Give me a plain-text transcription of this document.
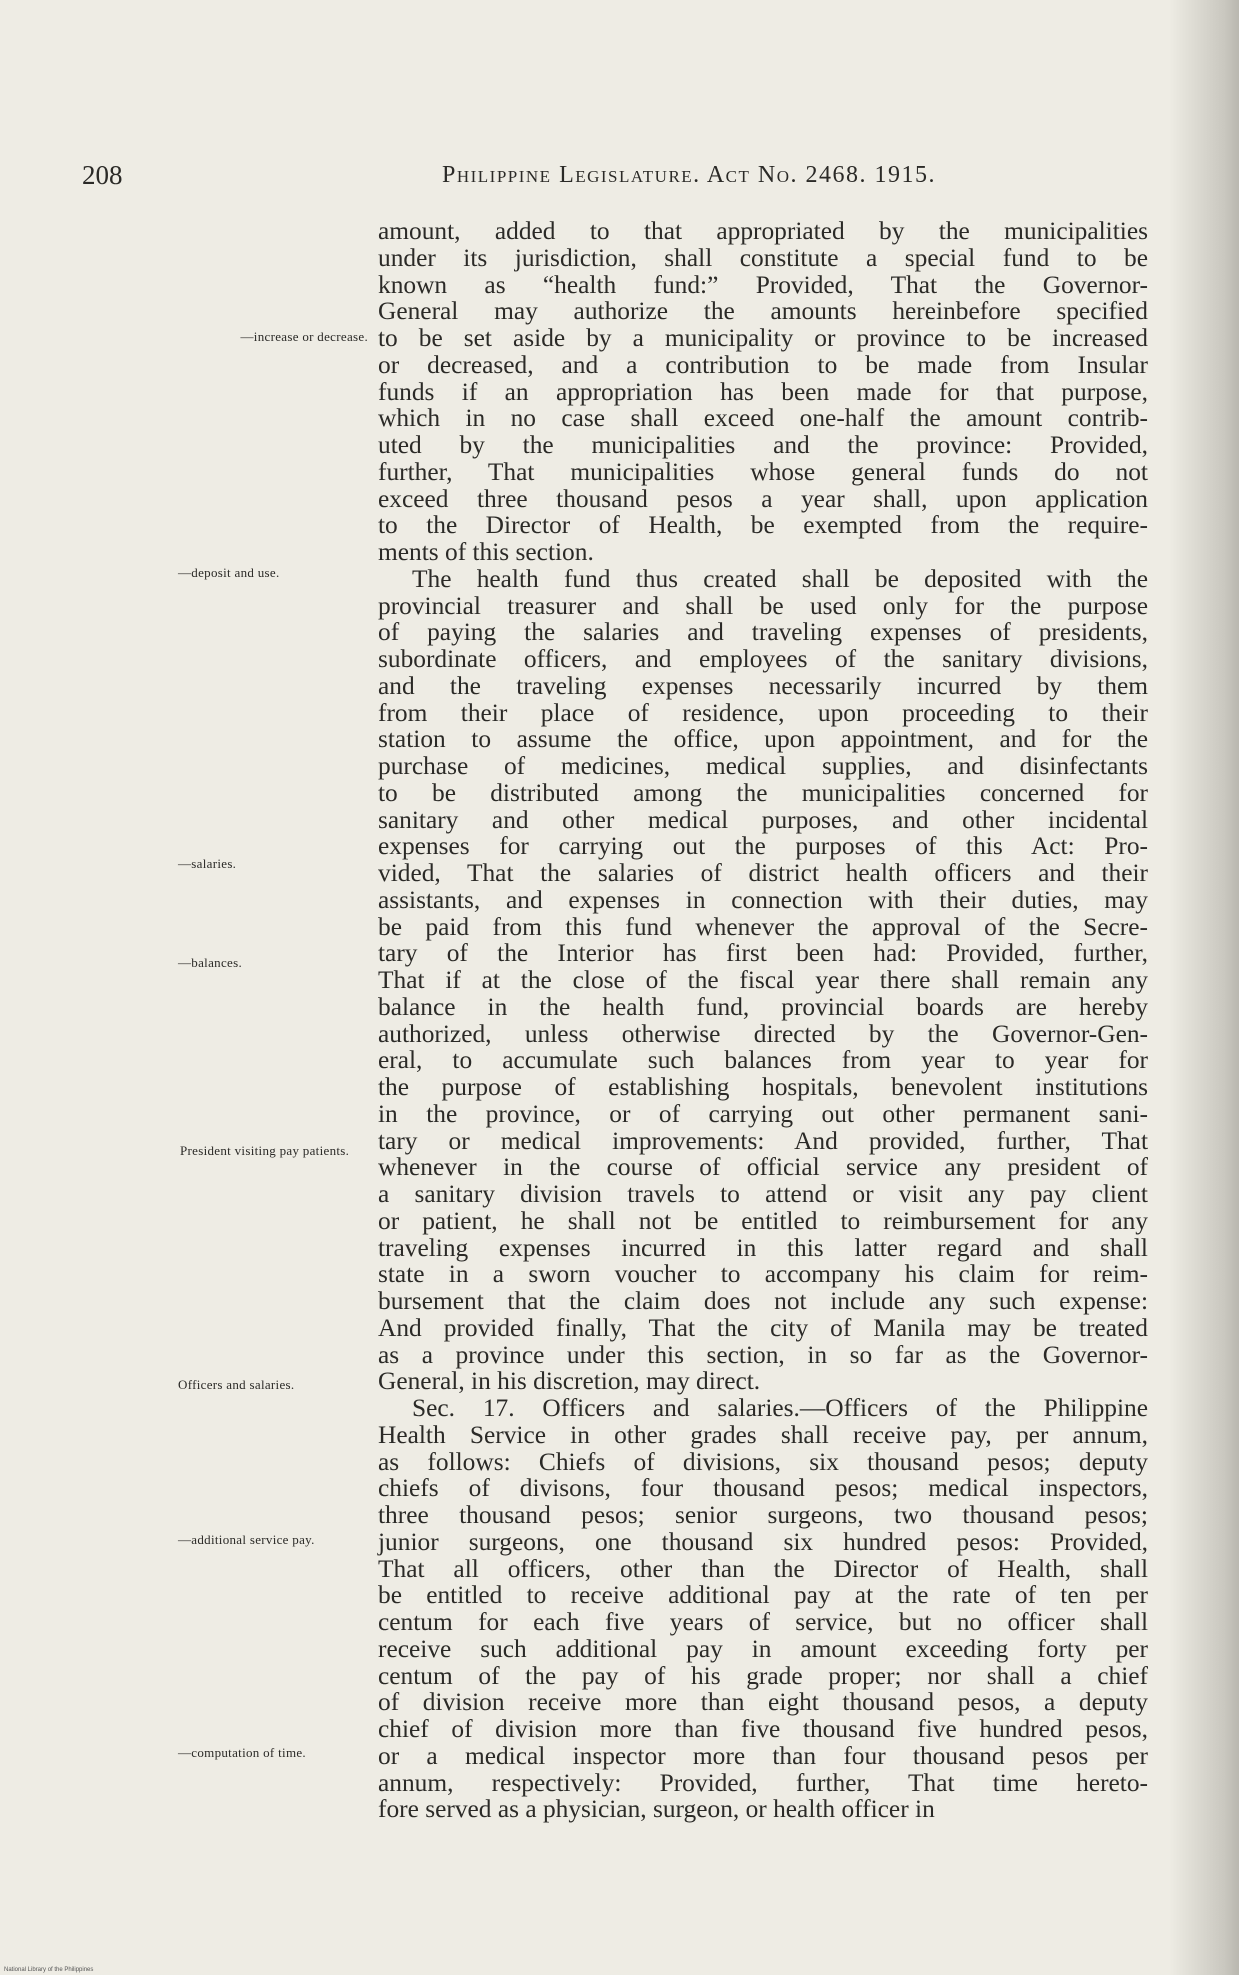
208	Philippine Legislature. Act No. 2468. 1915.
—increase or decrease.
—deposit and use.
—salaries.
—balances.
President visiting pay patients.
Officers and salaries.
—additional service pay.
—computation of time.
amount, added to that appropriated by the municipalities
under its jurisdiction, shall constitute a special fund to be
known as “health fund:” Provided, That the Governor-
General may authorize the amounts hereinbefore specified
to be set aside by a municipality or province to be increased
or decreased, and a contribution to be made from Insular
funds if an appropriation has been made for that purpose,
which in no case shall exceed one-half the amount contrib-
uted by the municipalities and the province: Provided,
further, That municipalities whose general funds do not
exceed three thousand pesos a year shall, upon application
to the Director of Health, be exempted from the require-
ments of this section.
The health fund thus created shall be deposited with the
provincial treasurer and shall be used only for the purpose
of paying the salaries and traveling expenses of presidents,
subordinate officers, and employees of the sanitary divisions,
and the traveling expenses necessarily incurred by them
from their place of residence, upon proceeding to their
station to assume the office, upon appointment, and for the
purchase of medicines, medical supplies, and disinfectants
to be distributed among the municipalities concerned for
sanitary and other medical purposes, and other incidental
expenses for carrying out the purposes of this Act: Pro-
vided, That the salaries of district health officers and their
assistants, and expenses in connection with their duties, may
be paid from this fund whenever the approval of the Secre-
tary of the Interior has first been had: Provided, further,
That if at the close of the fiscal year there shall remain any
balance in the health fund, provincial boards are hereby
authorized, unless otherwise directed by the Governor-Gen-
eral, to accumulate such balances from year to year for
the purpose of establishing hospitals, benevolent institutions
in the province, or of carrying out other permanent sani-
tary or medical improvements: And provided, further, That
whenever in the course of official service any president of
a sanitary division travels to attend or visit any pay client
or patient, he shall not be entitled to reimbursement for any
traveling expenses incurred in this latter regard and shall
state in a sworn voucher to accompany his claim for reim-
bursement that the claim does not include any such expense:
And provided finally, That the city of Manila may be treated
as a province under this section, in so far as the Governor-
General, in his discretion, may direct.
Sec. 17. Officers and salaries.—Officers of the Philippine
Health Service in other grades shall receive pay, per annum,
as follows: Chiefs of divisions, six thousand pesos; deputy
chiefs of divisons, four thousand pesos; medical inspectors,
three thousand pesos; senior surgeons, two thousand pesos;
junior surgeons, one thousand six hundred pesos: Provided,
That all officers, other than the Director of Health, shall
be entitled to receive additional pay at the rate of ten per
centum for each five years of service, but no officer shall
receive such additional pay in amount exceeding forty per
centum of the pay of his grade proper; nor shall a chief
of division receive more than eight thousand pesos, a deputy
chief of division more than five thousand five hundred pesos,
or a medical inspector more than four thousand pesos per
annum, respectively: Provided, further, That time hereto-
fore served as a physician, surgeon, or health officer in
National Library of the Philippines
